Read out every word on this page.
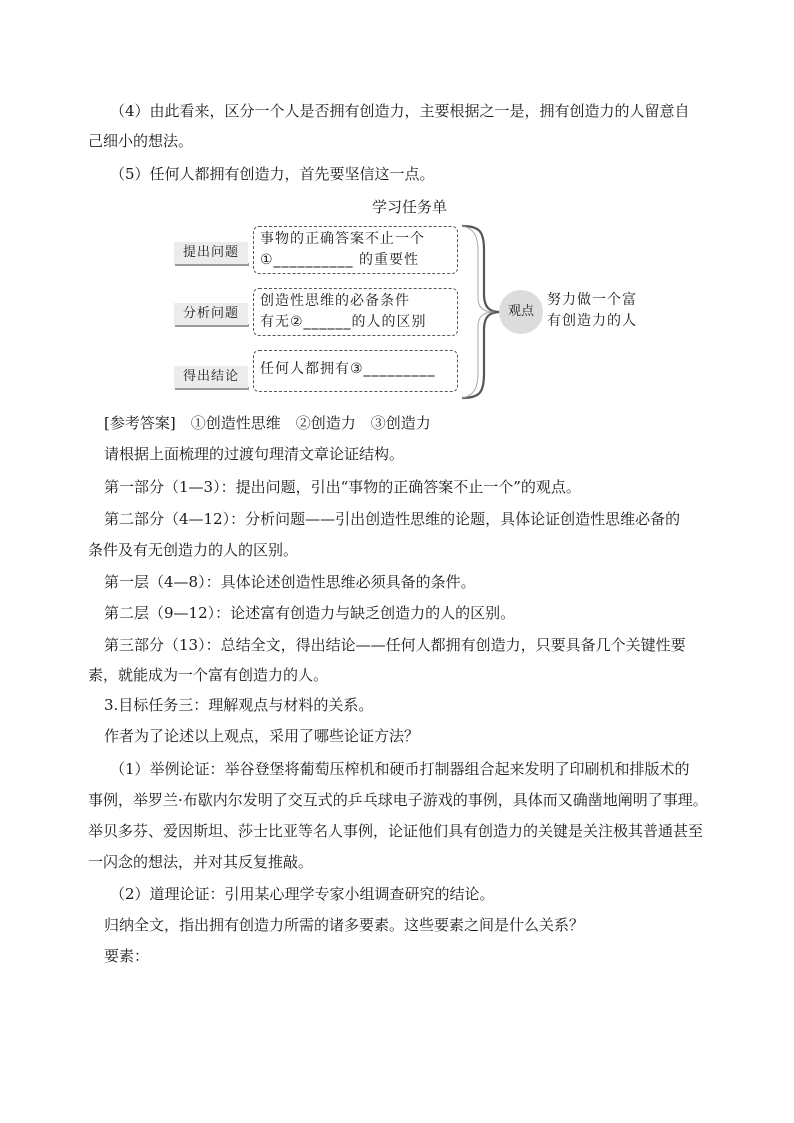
（4）由此看来，区分一个人是否拥有创造力，主要根据之一是，拥有创造力的人留意自

己细小的想法。

（5）任何人都拥有创造力，首先要坚信这一点。

学习任务单
提出问题
分析问题
得出结论
事物的正确答案不止一个
①__________ 的重要性
创造性思维的必备条件
有无②______的人的区别
任何人都拥有③_________
观点
努力做一个富
有创造力的人

[参考答案]　①创造性思维　②创造力　③创造力

请根据上面梳理的过渡句理清文章论证结构。

第一部分（1—3）：提出问题，引出“事物的正确答案不止一个”的观点。

第二部分（4—12）：分析问题——引出创造性思维的论题，具体论证创造性思维必备的

条件及有无创造力的人的区别。

第一层（4—8）：具体论述创造性思维必须具备的条件。

第二层（9—12）：论述富有创造力与缺乏创造力的人的区别。

第三部分（13）：总结全文，得出结论——任何人都拥有创造力，只要具备几个关键性要

素，就能成为一个富有创造力的人。

3.目标任务三：理解观点与材料的关系。

作者为了论述以上观点，采用了哪些论证方法？

（1）举例论证：举谷登堡将葡萄压榨机和硬币打制器组合起来发明了印刷机和排版术的

事例，举罗兰·布歇内尔发明了交互式的乒乓球电子游戏的事例，具体而又确凿地阐明了事理。

举贝多芬、爱因斯坦、莎士比亚等名人事例，论证他们具有创造力的关键是关注极其普通甚至

一闪念的想法，并对其反复推敲。

（2）道理论证：引用某心理学专家小组调查研究的结论。

归纳全文，指出拥有创造力所需的诸多要素。这些要素之间是什么关系？

要素：
